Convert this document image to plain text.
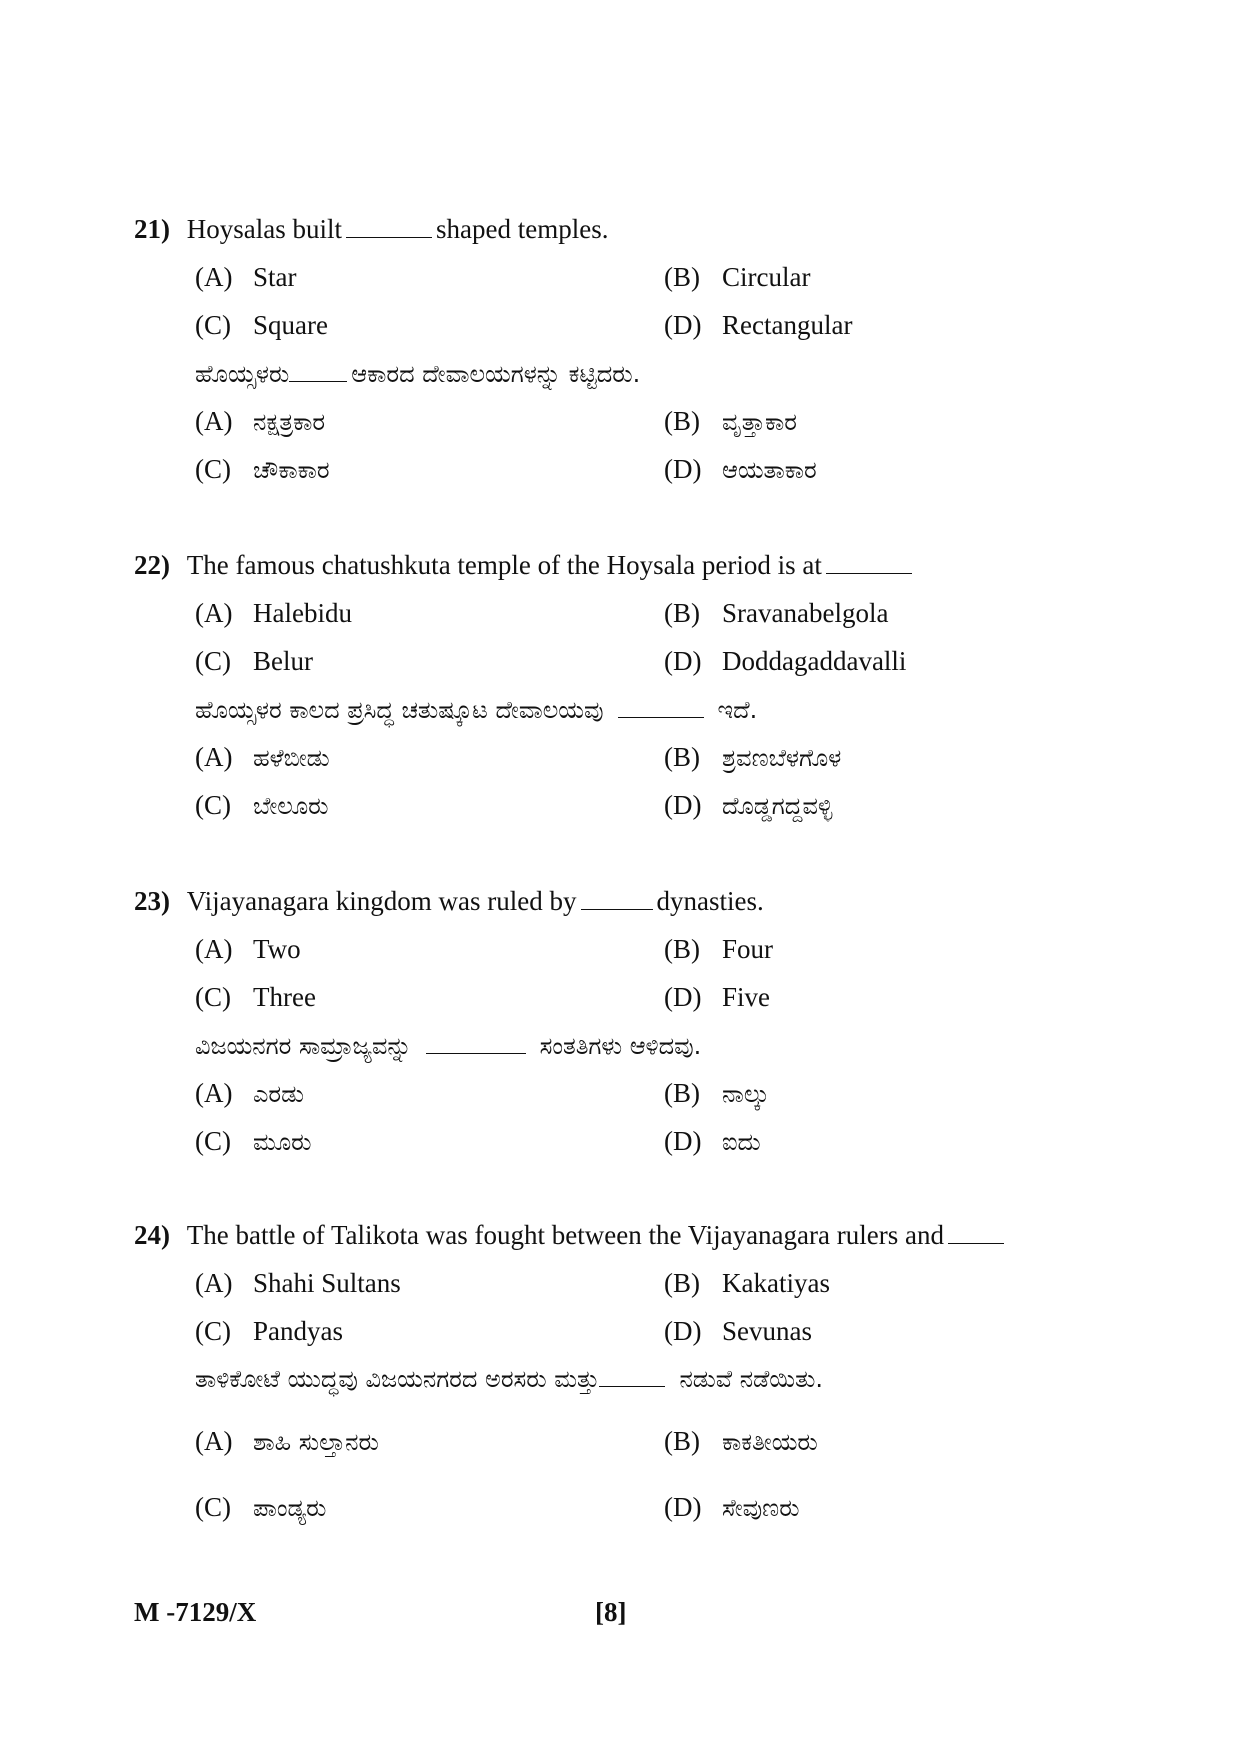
21) Hoysalas built	shaped temples.
(A) Star	(B) Circular
(C) Square	(D) Rectangular
ಹೊಯ್ಸಳರು	ಆಕಾರದ ದೇವಾಲಯಗಳನ್ನು ಕಟ್ಟಿದರು.
(A) ನಕ್ಷತ್ರಕಾರ	(B) ವೃತ್ತಾಕಾರ
(C) ಚೌಕಾಕಾರ	(D) ಆಯತಾಕಾರ
22) The famous chatushkuta temple of the Hoysala period is at
(A) Halebidu	(B) Sravanabelgola
(C) Belur	(D) Doddagaddavalli
ಹೊಯ್ಸಳರ ಕಾಲದ ಪ್ರಸಿದ್ಧ ಚತುಷ್ಕೂಟ ದೇವಾಲಯವು	ಇದೆ.
(A) ಹಳೆಬೀಡು	(B) ಶ್ರವಣಬೆಳಗೊಳ
(C) ಬೇಲೂರು	(D) ದೊಡ್ಡಗದ್ದವಳ್ಳಿ
23) Vijayanagara kingdom was ruled by	dynasties.
(A) Two	(B) Four
(C) Three	(D) Five
ವಿಜಯನಗರ ಸಾಮ್ರಾಜ್ಯವನ್ನು	ಸಂತತಿಗಳು ಆಳಿದವು.
(A) ಎರಡು	(B) ನಾಲ್ಕು
(C) ಮೂರು	(D) ಐದು
24) The battle of Talikota was fought between the Vijayanagara rulers and
(A) Shahi Sultans	(B) Kakatiyas
(C) Pandyas	(D) Sevunas
ತಾಳಿಕೋಟೆ ಯುದ್ಧವು ವಿಜಯನಗರದ ಅರಸರು ಮತ್ತು	ನಡುವೆ ನಡೆಯಿತು.
(A) ಶಾಹಿ ಸುಲ್ತಾನರು	(B) ಕಾಕತೀಯರು
(C) ಪಾಂಡ್ಯರು	(D) ಸೇವುಣರು
M -7129/X	[8]
